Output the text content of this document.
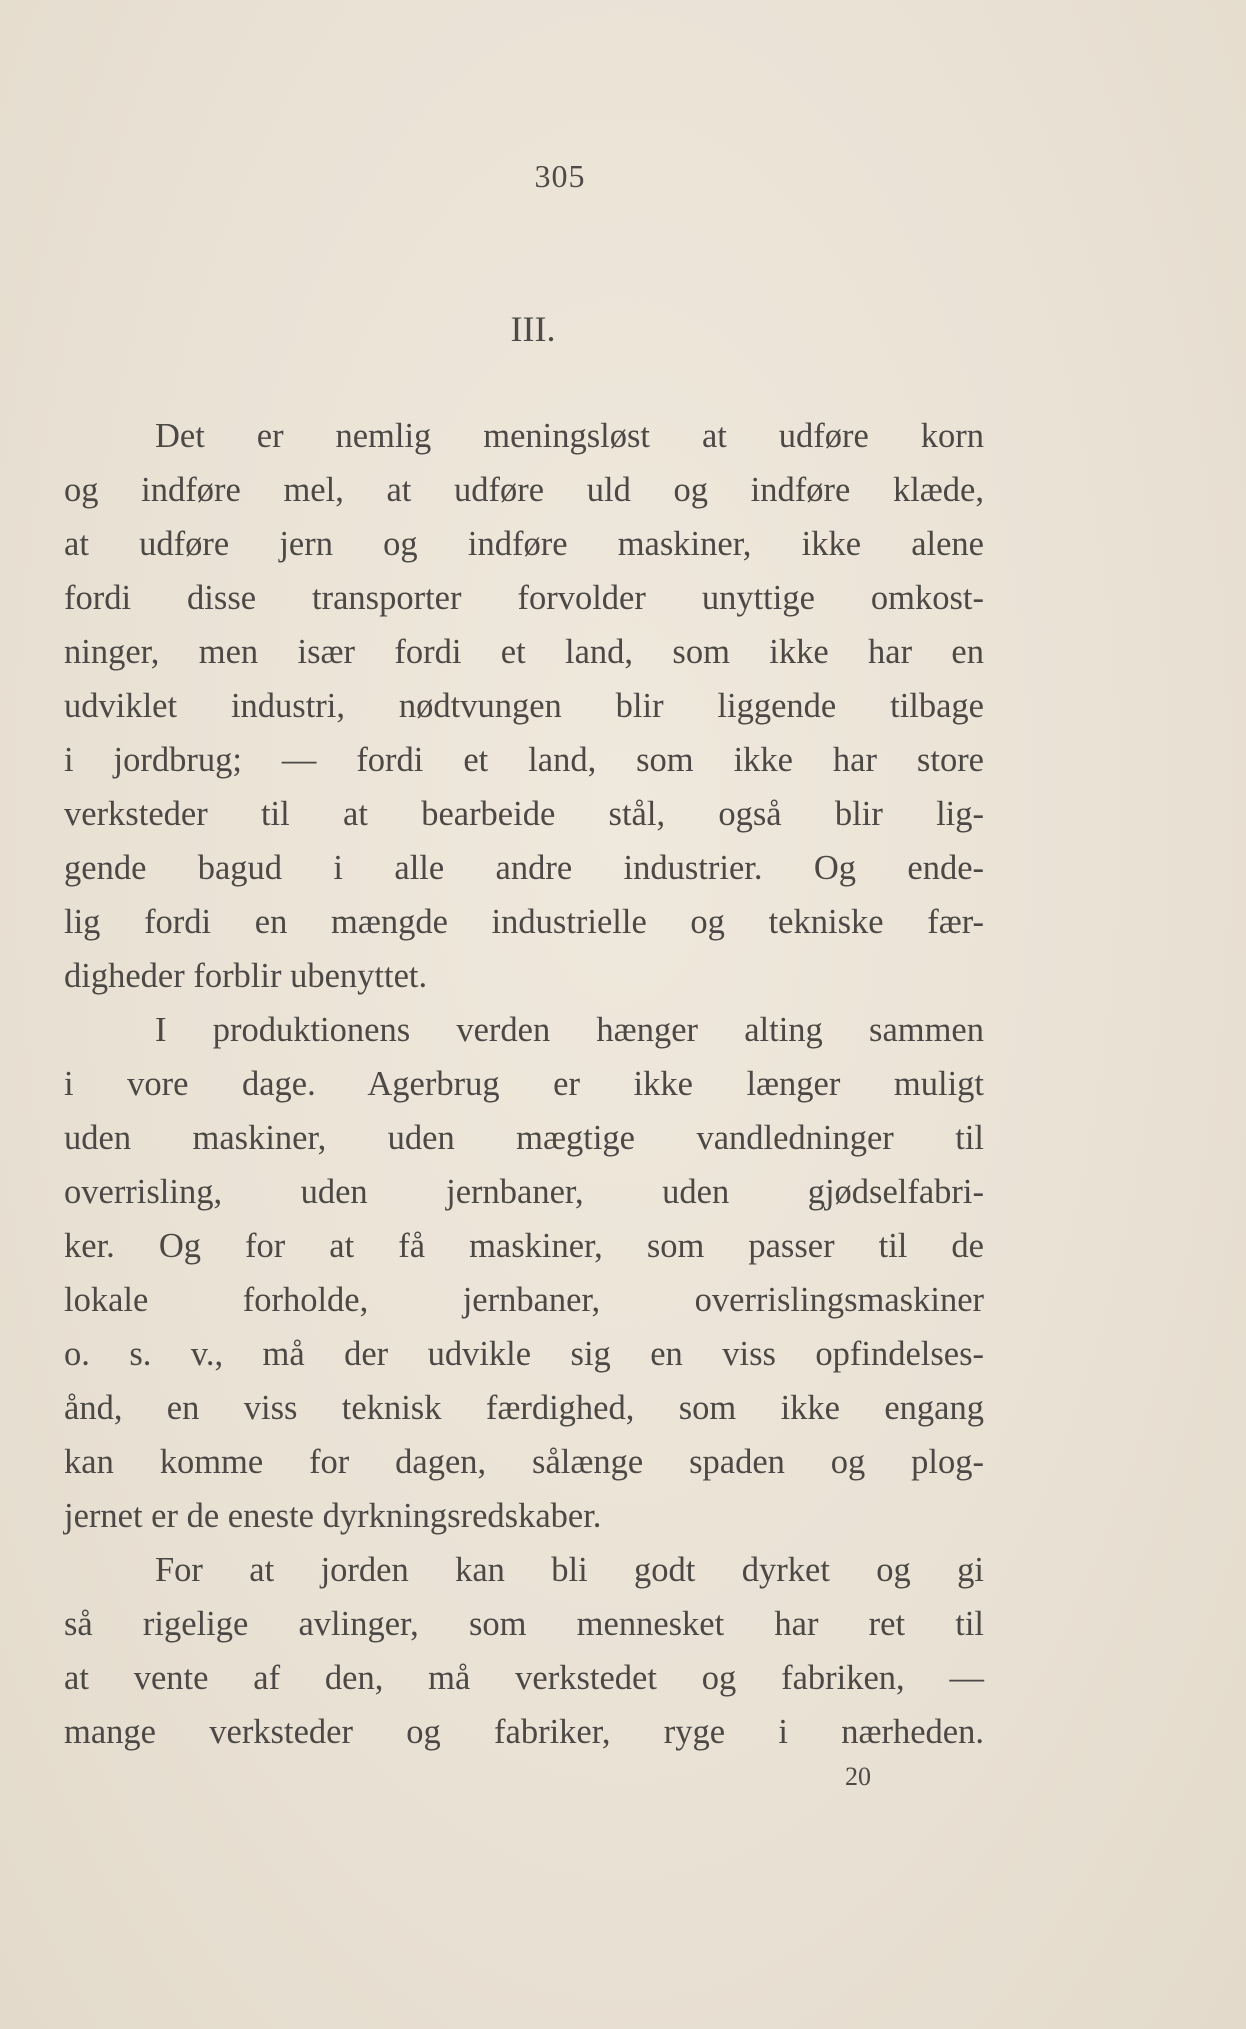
305
III.
Det er nemlig meningsløst at udføre korn
og indføre mel, at udføre uld og indføre klæde,
at udføre jern og indføre maskiner, ikke alene
fordi disse transporter forvolder unyttige omkost-
ninger, men især fordi et land, som ikke har en
udviklet industri, nødtvungen blir liggende tilbage
i jordbrug; — fordi et land, som ikke har store
verksteder til at bearbeide stål, også blir lig-
gende bagud i alle andre industrier. Og ende-
lig fordi en mængde industrielle og tekniske fær-
digheder forblir ubenyttet.
I produktionens verden hænger alting sammen
i vore dage. Agerbrug er ikke længer muligt
uden maskiner, uden mægtige vandledninger til
overrisling, uden jernbaner, uden gjødselfabri-
ker. Og for at få maskiner, som passer til de
lokale forholde, jernbaner, overrislingsmaskiner
o. s. v., må der udvikle sig en viss opfindelses-
ånd, en viss teknisk færdighed, som ikke engang
kan komme for dagen, sålænge spaden og plog-
jernet er de eneste dyrkningsredskaber.
For at jorden kan bli godt dyrket og gi
så rigelige avlinger, som mennesket har ret til
at vente af den, må verkstedet og fabriken, —
mange verksteder og fabriker, ryge i nærheden.
20
